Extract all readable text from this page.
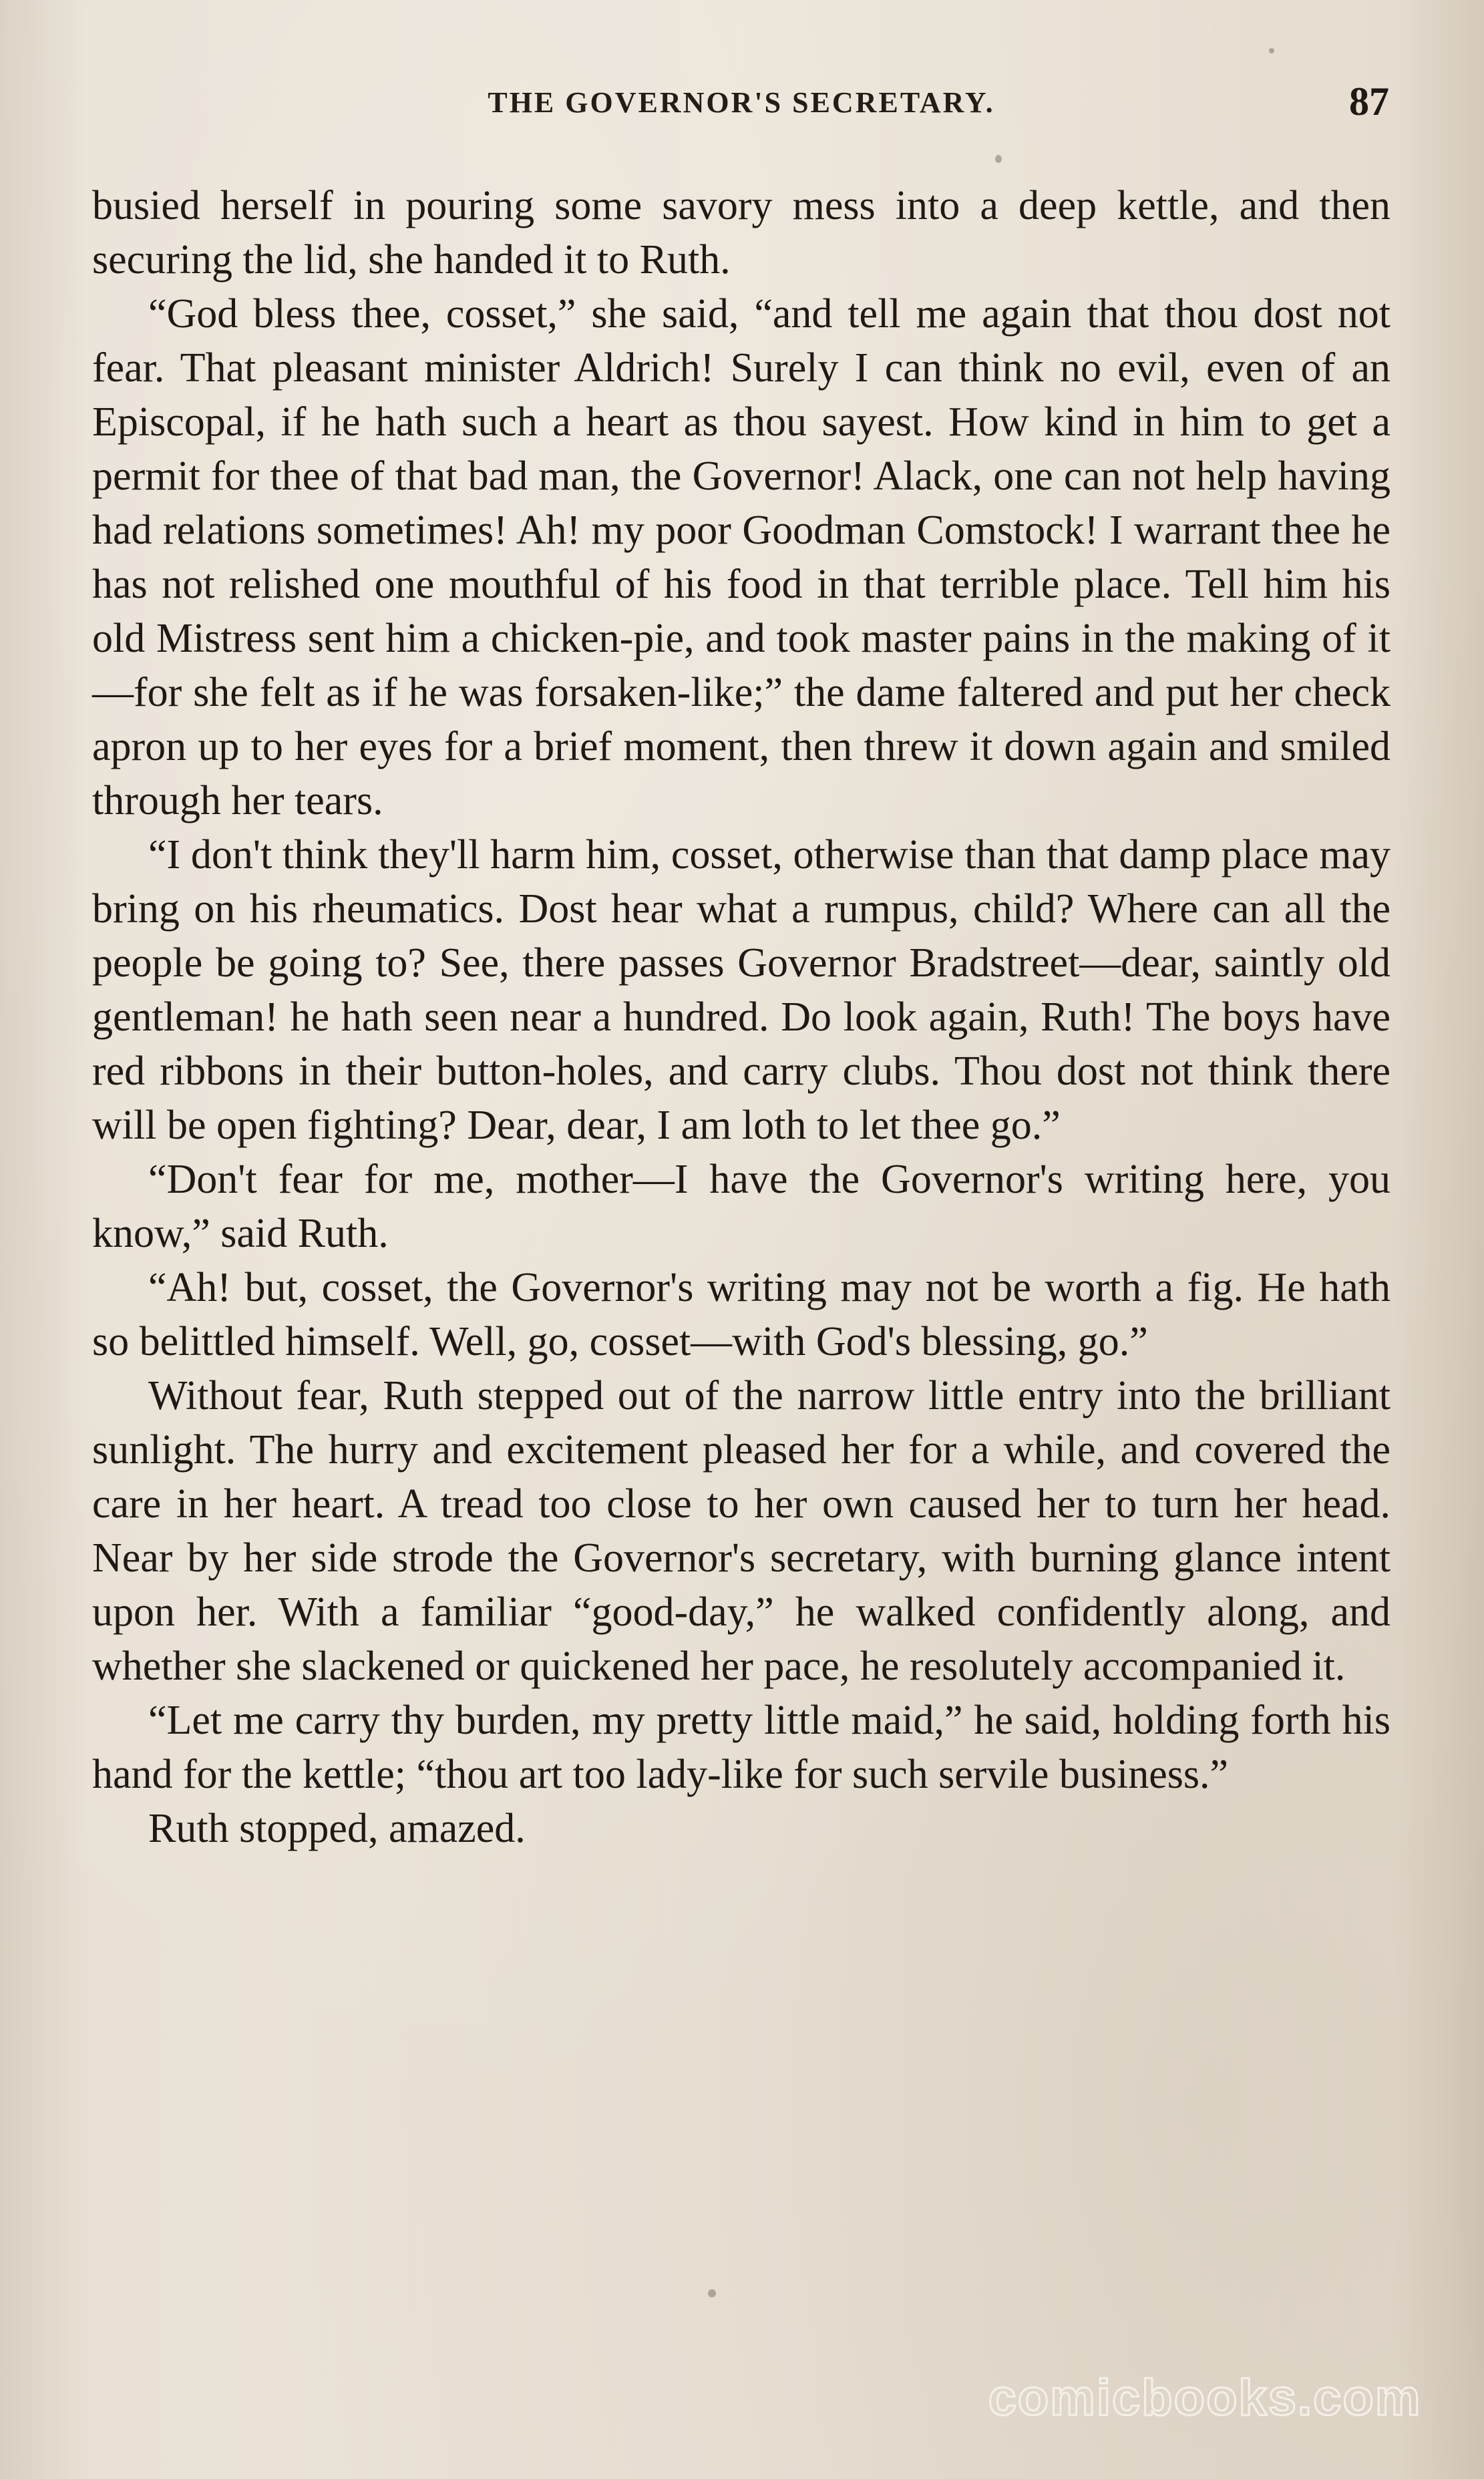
THE GOVERNOR'S SECRETARY.	87

busied herself in pouring some savory mess into a deep kettle, and then securing the lid, she handed it to Ruth.

“God bless thee, cosset,” she said, “and tell me again that thou dost not fear. That pleasant minister Aldrich! Surely I can think no evil, even of an Episcopal, if he hath such a heart as thou sayest. How kind in him to get a permit for thee of that bad man, the Governor! Alack, one can not help having had relations sometimes! Ah! my poor Goodman Comstock! I warrant thee he has not relished one mouthful of his food in that terrible place. Tell him his old Mistress sent him a chicken-pie, and took master pains in the making of it—for she felt as if he was forsaken-like;” the dame faltered and put her check apron up to her eyes for a brief moment, then threw it down again and smiled through her tears.

“I don't think they'll harm him, cosset, otherwise than that damp place may bring on his rheumatics. Dost hear what a rumpus, child? Where can all the people be going to? See, there passes Governor Bradstreet—dear, saintly old gentleman! he hath seen near a hundred. Do look again, Ruth! The boys have red ribbons in their button-holes, and carry clubs. Thou dost not think there will be open fighting? Dear, dear, I am loth to let thee go.”

“Don't fear for me, mother—I have the Governor's writing here, you know,” said Ruth.

“Ah! but, cosset, the Governor's writing may not be worth a fig. He hath so belittled himself. Well, go, cosset—with God's blessing, go.”

Without fear, Ruth stepped out of the narrow little entry into the brilliant sunlight. The hurry and excitement pleased her for a while, and covered the care in her heart. A tread too close to her own caused her to turn her head. Near by her side strode the Governor's secretary, with burning glance intent upon her. With a familiar “good-day,” he walked confidently along, and whether she slackened or quickened her pace, he resolutely accompanied it.

“Let me carry thy burden, my pretty little maid,” he said, holding forth his hand for the kettle; “thou art too lady-like for such servile business.”

Ruth stopped, amazed.

comicbooks.com
